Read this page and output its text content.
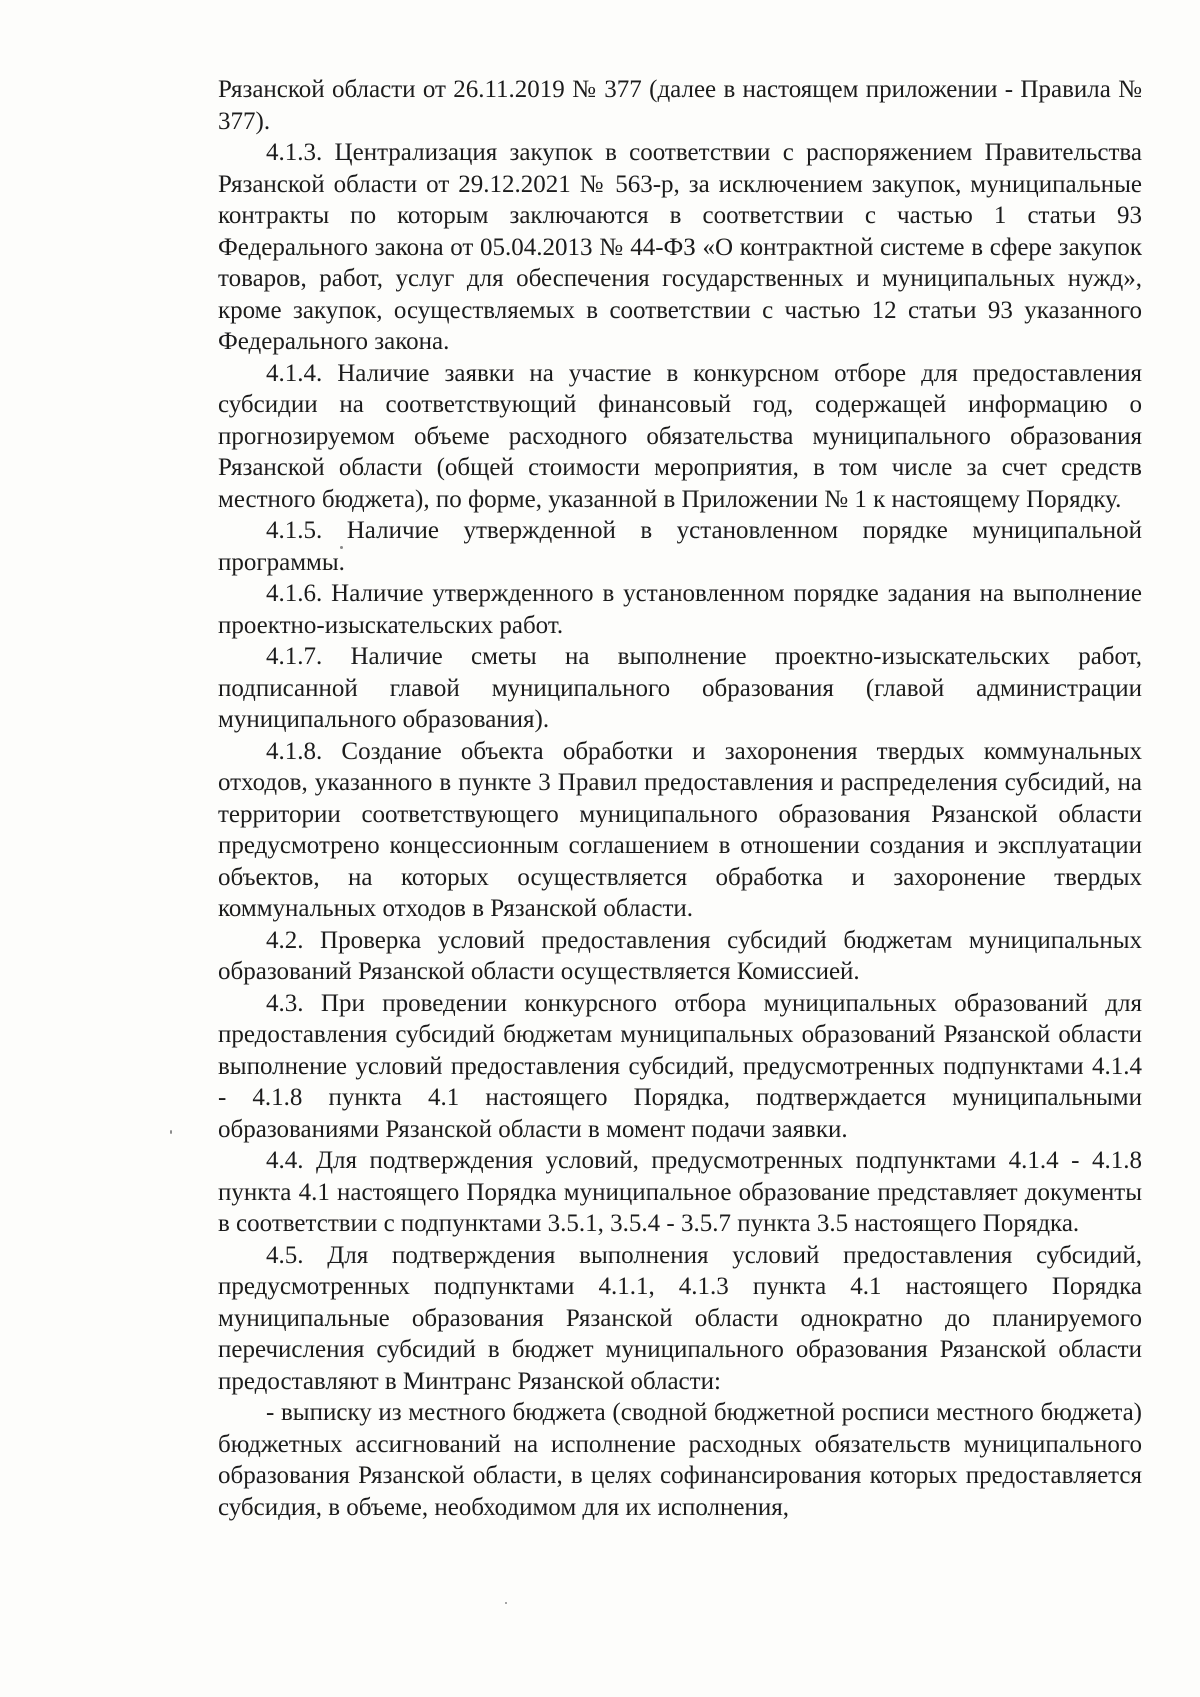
Рязанской области от 26.11.2019 № 377 (далее в настоящем приложении - Правила № 377).

4.1.3. Централизация закупок в соответствии с распоряжением Правительства Рязанской области от 29.12.2021 № 563-р, за исключением закупок, муниципальные контракты по которым заключаются в соответствии с частью 1 статьи 93 Федерального закона от 05.04.2013 № 44-ФЗ «О контрактной системе в сфере закупок товаров, работ, услуг для обеспечения государственных и муниципальных нужд», кроме закупок, осуществляемых в соответствии с частью 12 статьи 93 указанного Федерального закона.

4.1.4. Наличие заявки на участие в конкурсном отборе для предоставления субсидии на соответствующий финансовый год, содержащей информацию о прогнозируемом объеме расходного обязательства муниципального образования Рязанской области (общей стоимости мероприятия, в том числе за счет средств местного бюджета), по форме, указанной в Приложении № 1 к настоящему Порядку.

4.1.5. Наличие утвержденной в установленном порядке муниципальной программы.

4.1.6. Наличие утвержденного в установленном порядке задания на выполнение проектно-изыскательских работ.

4.1.7. Наличие сметы на выполнение проектно-изыскательских работ, подписанной главой муниципального образования (главой администрации муниципального образования).

4.1.8. Создание объекта обработки и захоронения твердых коммунальных отходов, указанного в пункте 3 Правил предоставления и распределения субсидий, на территории соответствующего муниципального образования Рязанской области предусмотрено концессионным соглашением в отношении создания и эксплуатации объектов, на которых осуществляется обработка и захоронение твердых коммунальных отходов в Рязанской области.

4.2. Проверка условий предоставления субсидий бюджетам муниципальных образований Рязанской области осуществляется Комиссией.

4.3. При проведении конкурсного отбора муниципальных образований для предоставления субсидий бюджетам муниципальных образований Рязанской области выполнение условий предоставления субсидий, предусмотренных подпунктами 4.1.4 - 4.1.8 пункта 4.1 настоящего Порядка, подтверждается муниципальными образованиями Рязанской области в момент подачи заявки.

4.4. Для подтверждения условий, предусмотренных подпунктами 4.1.4 - 4.1.8 пункта 4.1 настоящего Порядка муниципальное образование представляет документы в соответствии с подпунктами 3.5.1, 3.5.4 - 3.5.7 пункта 3.5 настоящего Порядка.

4.5. Для подтверждения выполнения условий предоставления субсидий, предусмотренных подпунктами 4.1.1, 4.1.3 пункта 4.1 настоящего Порядка муниципальные образования Рязанской области однократно до планируемого перечисления субсидий в бюджет муниципального образования Рязанской области предоставляют в Минтранс Рязанской области:

- выписку из местного бюджета (сводной бюджетной росписи местного бюджета) бюджетных ассигнований на исполнение расходных обязательств муниципального образования Рязанской области, в целях софинансирования которых предоставляется субсидия, в объеме, необходимом для их исполнения,
